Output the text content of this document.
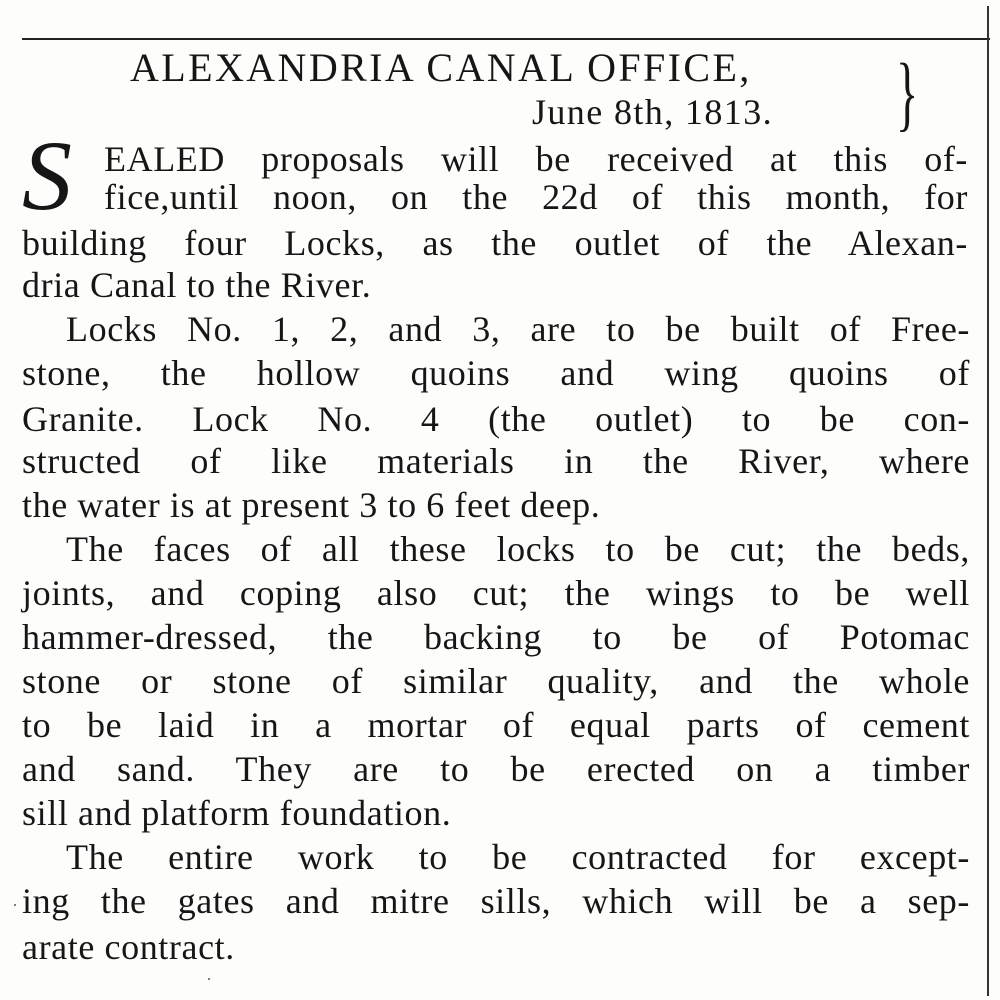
ALEXANDRIA CANAL OFFICE,
June 8th, 1813. }
S EALED proposals will be received at this of-
fice,until noon, on the 22d of this month, for
building four Locks, as the outlet of the Alexan-
dria Canal to the River.
Locks No. 1, 2, and 3, are to be built of Free-
stone, the hollow quoins and wing quoins of
Granite. Lock No. 4 (the outlet) to be con-
structed of like materials in the River, where
the water is at present 3 to 6 feet deep.
The faces of all these locks to be cut; the beds,
joints, and coping also cut; the wings to be well
hammer-dressed, the backing to be of Potomac
stone or stone of similar quality, and the whole
to be laid in a mortar of equal parts of cement
and sand. They are to be erected on a timber
sill and platform foundation.
The entire work to be contracted for except-
ing the gates and mitre sills, which will be a sep-
arate contract.
